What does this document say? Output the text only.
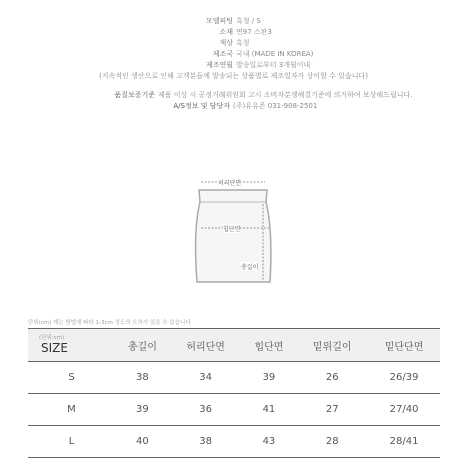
모델피팅 흑청 / S
소재 면97 스판3
색상 흑청
제조국 국내 (MADE IN KOREA)
제조연월 발송일로부터 3개월이내
(지속적인 생산으로 인해 고객분들께 발송되는 상품별로 제조일자가 상이할 수 있습니다)
품질보증기준 제품 이상 시 공정거래위원회 고시 소비자분쟁해결기준에 의거하여 보상해드립니다.
A/S정보 및 담당자 (주)유유존 031-908-2501
허리단면
힙단면
총길이
단위(cm) 재는 방법에 따라 1-3cm 정도의 오차가 있을 수 있습니다
(단위:cm)
SIZE	총길이	허리단면	힙단면	밑위길이	밑단단면
S	38	34	39	26	26/39
M	39	36	41	27	27/40
L	40	38	43	28	28/41
